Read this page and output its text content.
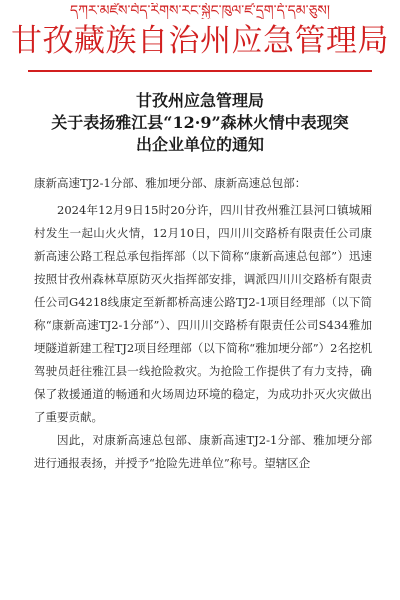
དཀར་མཛེས་བོད་རིགས་རང་སྐྱོང་ཁུལ་ཛ་དྲག་དོ་དམ་ཅུས།
甘孜藏族自治州应急管理局
甘孜州应急管理局
关于表扬雅江县“12·9”森林火情中表现突
出企业单位的通知

康新高速TJ2-1分部、雅加埂分部、康新高速总包部：

2024年12月9日15时20分许，四川甘孜州雅江县河口镇城厢村发生一起山火火情，12月10日，四川川交路桥有限责任公司康新高速公路工程总承包指挥部（以下简称“康新高速总包部”）迅速按照甘孜州森林草原防灭火指挥部安排，调派四川川交路桥有限责任公司G4218线康定至新都桥高速公路TJ2-1项目经理部（以下简称“康新高速TJ2-1分部”）、四川川交路桥有限责任公司S434雅加埂隧道新建工程TJ2项目经理部（以下简称“雅加埂分部”）2名挖机驾驶员赶往雅江县一线抢险救灾。为抢险工作提供了有力支持，确保了救援通道的畅通和火场周边环境的稳定，为成功扑灭火灾做出了重要贡献。

因此，对康新高速总包部、康新高速TJ2-1分部、雅加埂分部进行通报表扬，并授予“抢险先进单位”称号。望辖区企
